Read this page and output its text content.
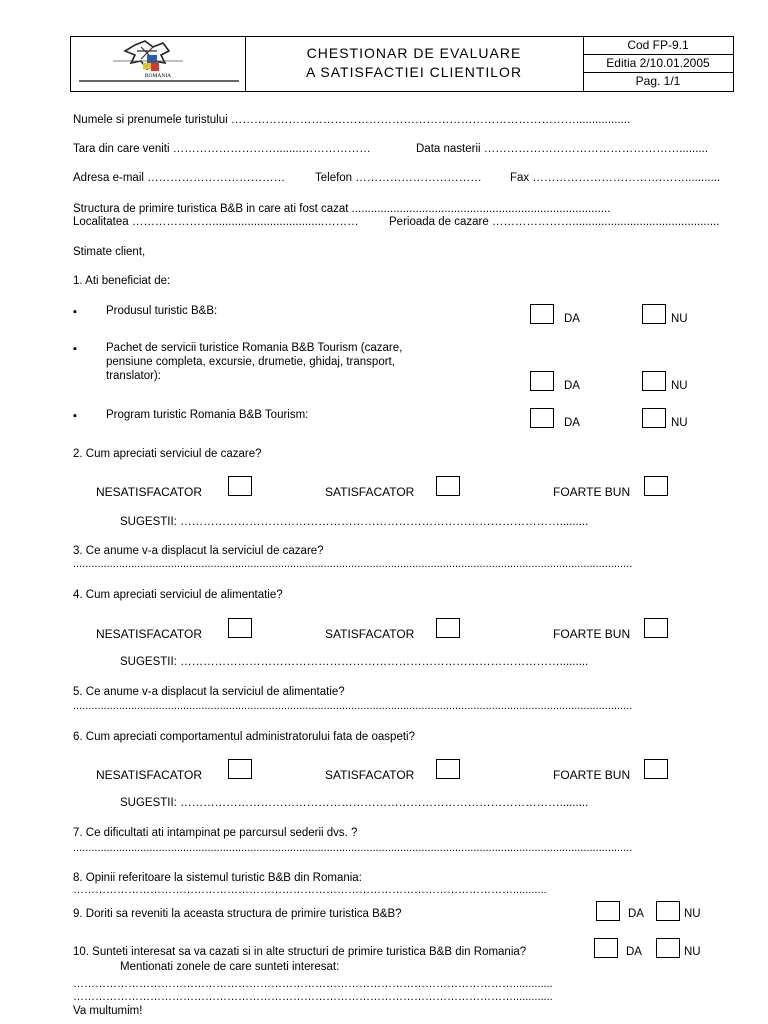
ROMANIA
CHESTIONAR DE EVALUARE
A SATISFACTIEI CLIENTILOR
Cod FP-9.1
Editia 2/10.01.2005
Pag. 1/1
Numele si prenumele turistului ……………………………………………………………………………….................
Tara din care veniti ………………………........………………	Data nasterii …………………………………………….........
Adresa e-mail ………………………………	Telefon …………………………… Fax …………………………….……...........
Structura de primire turistica B&B in care ati fost cazat .................................................................................
Localitatea …………………...................................………	Perioada de cazare …………………..............................................
Stimate client,
1. Ati beneficiat de:
▪	Produsul turistic B&B:
DA	NU
▪	Pachet de servicii turistice Romania B&B Tourism (cazare,
pensiune completa, excursie, drumetie, ghidaj, transport,
translator):
DA	NU
▪	Program turistic Romania B&B Tourism:
DA	NU
2. Cum apreciati serviciul de cazare?
NESATISFACATOR	SATISFACATOR	FOARTE BUN
SUGESTII: ……………………………………………………………………………………….........
3. Ce anume v-a displacut la serviciul de cazare?
.......................................................................................................................................................................................
4. Cum apreciati serviciul de alimentatie?
NESATISFACATOR	SATISFACATOR	FOARTE BUN
SUGESTII: ……………………………………………………………………………………….........
5. Ce anume v-a displacut la serviciul de alimentatie?
.......................................................................................................................................................................................
6. Cum apreciati comportamentul administratorului fata de oaspeti?
NESATISFACATOR	SATISFACATOR	FOARTE BUN
SUGESTII: ……………………………………………………………………………………….........
7. Ce dificultati ati intampinat pe parcursul sederii dvs. ?
.......................................................................................................................................................................................
8. Opinii referitoare la sistemul turistic B&B din Romania:
…………………………………………………………………………………………………………...........
9. Doriti sa reveniti la aceasta structura de primire turistica B&B?	DA	NU
10. Sunteti interesat sa va cazati si in alte structuri de primire turistica B&B din Romania?	DA	NU
Mentionati zonele de care sunteti interesat:
………………………………………………………………………………………………………….............
………………………………………………………………………………………………………….............
Va multumim!
